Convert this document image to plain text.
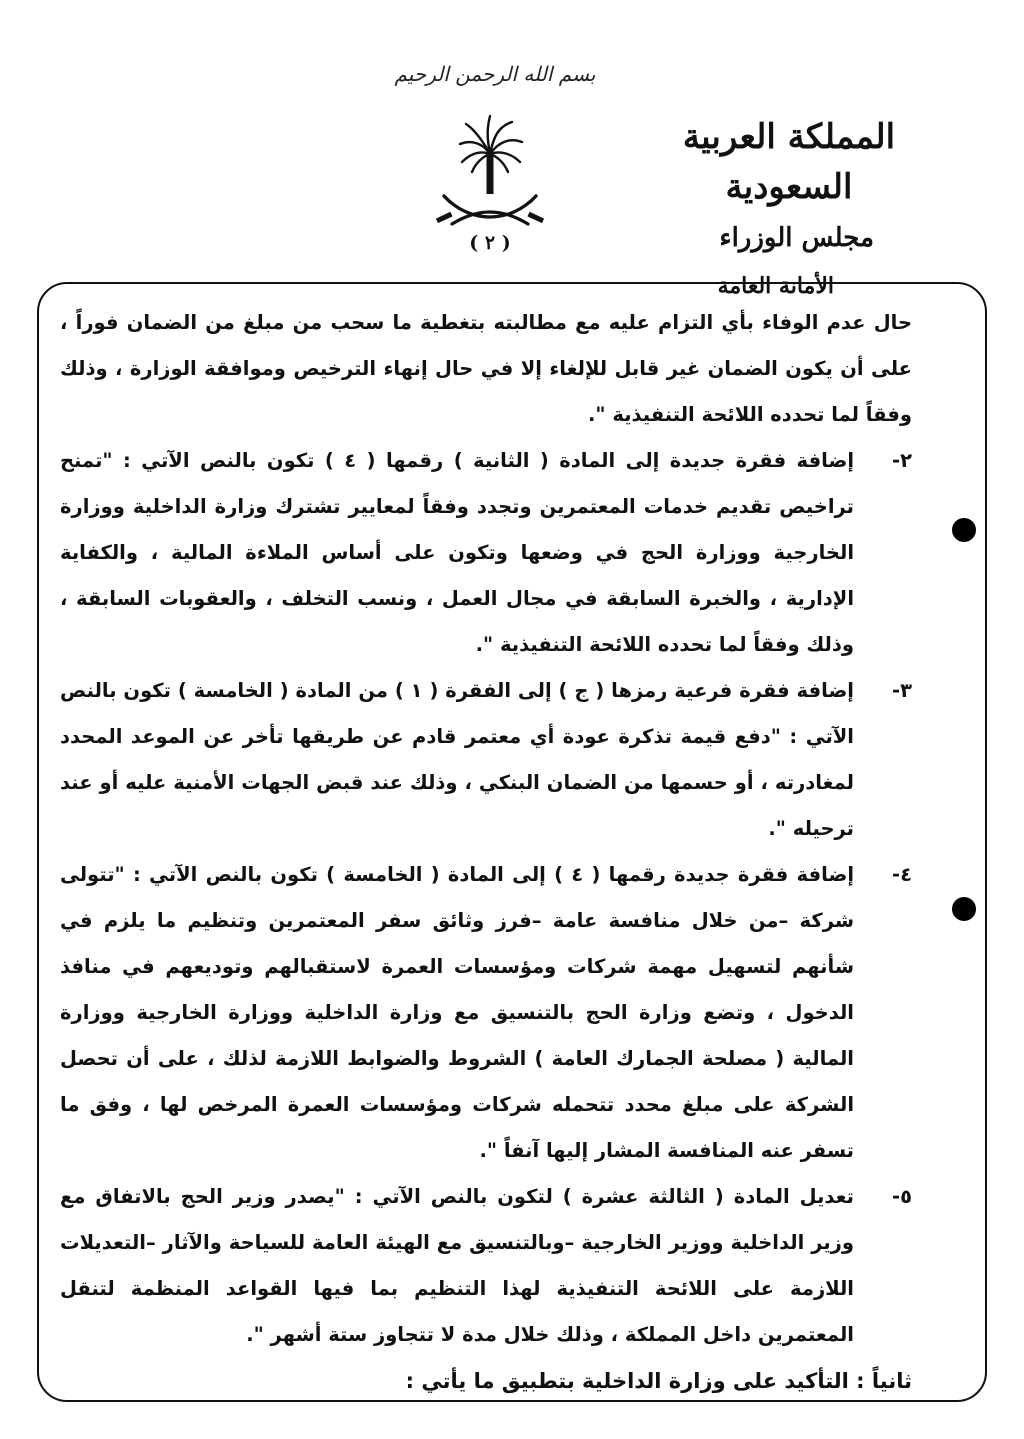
بسم الله الرحمن الرحيم
( ٢ )
المملكة العربية السعودية
مجلس الوزراء
الأمانة العامة

حال عدم الوفاء بأي التزام عليه مع مطالبته بتغطية ما سحب من مبلغ من الضمان فوراً ، على أن يكون الضمان غير قابل للإلغاء إلا في حال إنهاء الترخيص وموافقة الوزارة ، وذلك وفقاً لما تحدده اللائحة التنفيذية ".

٢-
إضافة فقرة جديدة إلى المادة ( الثانية ) رقمها ( ٤ ) تكون بالنص الآتي : "تمنح تراخيص تقديم خدمات المعتمرين وتجدد وفقاً لمعايير تشترك وزارة الداخلية ووزارة الخارجية ووزارة الحج في وضعها وتكون على أساس الملاءة المالية ، والكفاية الإدارية ، والخبرة السابقة في مجال العمل ، ونسب التخلف ، والعقوبات السابقة ، وذلك وفقاً لما تحدده اللائحة التنفيذية ".
٣-
إضافة فقرة فرعية رمزها ( ج ) إلى الفقرة ( ١ ) من المادة ( الخامسة ) تكون بالنص الآتي : "دفع قيمة تذكرة عودة أي معتمر قادم عن طريقها تأخر عن الموعد المحدد لمغادرته ، أو حسمها من الضمان البنكي ، وذلك عند قبض الجهات الأمنية عليه أو عند ترحيله ".
٤-
إضافة فقرة جديدة رقمها ( ٤ ) إلى المادة ( الخامسة ) تكون بالنص الآتي : "تتولى شركة –من خلال منافسة عامة –فرز وثائق سفر المعتمرين وتنظيم ما يلزم في شأنهم لتسهيل مهمة شركات ومؤسسات العمرة لاستقبالهم وتوديعهم في منافذ الدخول ، وتضع وزارة الحج بالتنسيق مع وزارة الداخلية ووزارة الخارجية ووزارة المالية ( مصلحة الجمارك العامة ) الشروط والضوابط اللازمة لذلك ، على أن تحصل الشركة على مبلغ محدد تتحمله شركات ومؤسسات العمرة المرخص لها ، وفق ما تسفر عنه المنافسة المشار إليها آنفاً ".
٥-
تعديل المادة ( الثالثة عشرة ) لتكون بالنص الآتي : "يصدر وزير الحج بالاتفاق مع وزير الداخلية ووزير الخارجية –وبالتنسيق مع الهيئة العامة للسياحة والآثار –التعديلات اللازمة على اللائحة التنفيذية لهذا التنظيم بما فيها القواعد المنظمة لتنقل المعتمرين داخل المملكة ، وذلك خلال مدة لا تتجاوز ستة أشهر ".

ثانياً : التأكيد على وزارة الداخلية بتطبيق ما يأتي :
